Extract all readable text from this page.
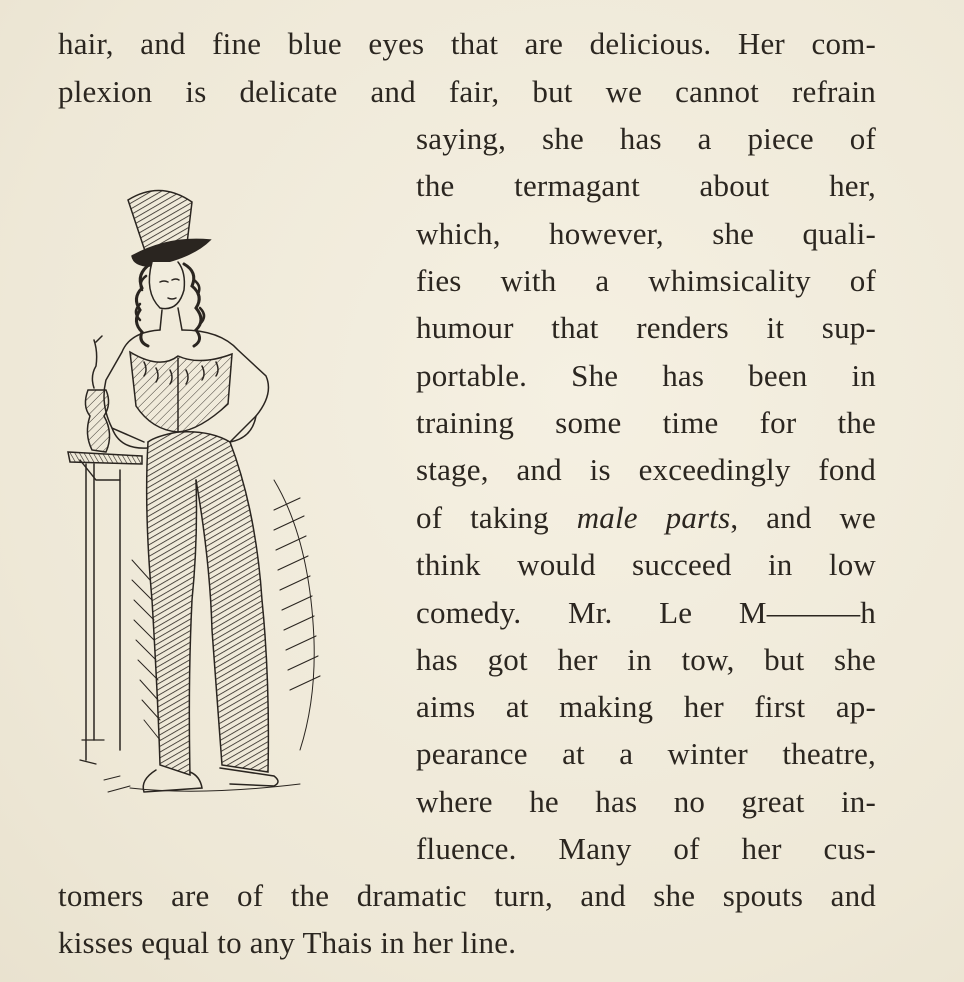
hair, and fine blue eyes that are delicious. Her com-
plexion is delicate and fair, but we cannot refrain
saying, she has a piece of
the termagant about her,
which, however, she quali-
fies with a whimsicality of
humour that renders it sup-
portable. She has been in
training some time for the
stage, and is exceedingly fond
of taking male parts, and we
think would succeed in low
comedy. Mr. Le M———h
has got her in tow, but she
aims at making her first ap-
pearance at a winter theatre,
where he has no great in-
fluence. Many of her cus-
tomers are of the dramatic turn, and she spouts and
kisses equal to any Thais in her line.
